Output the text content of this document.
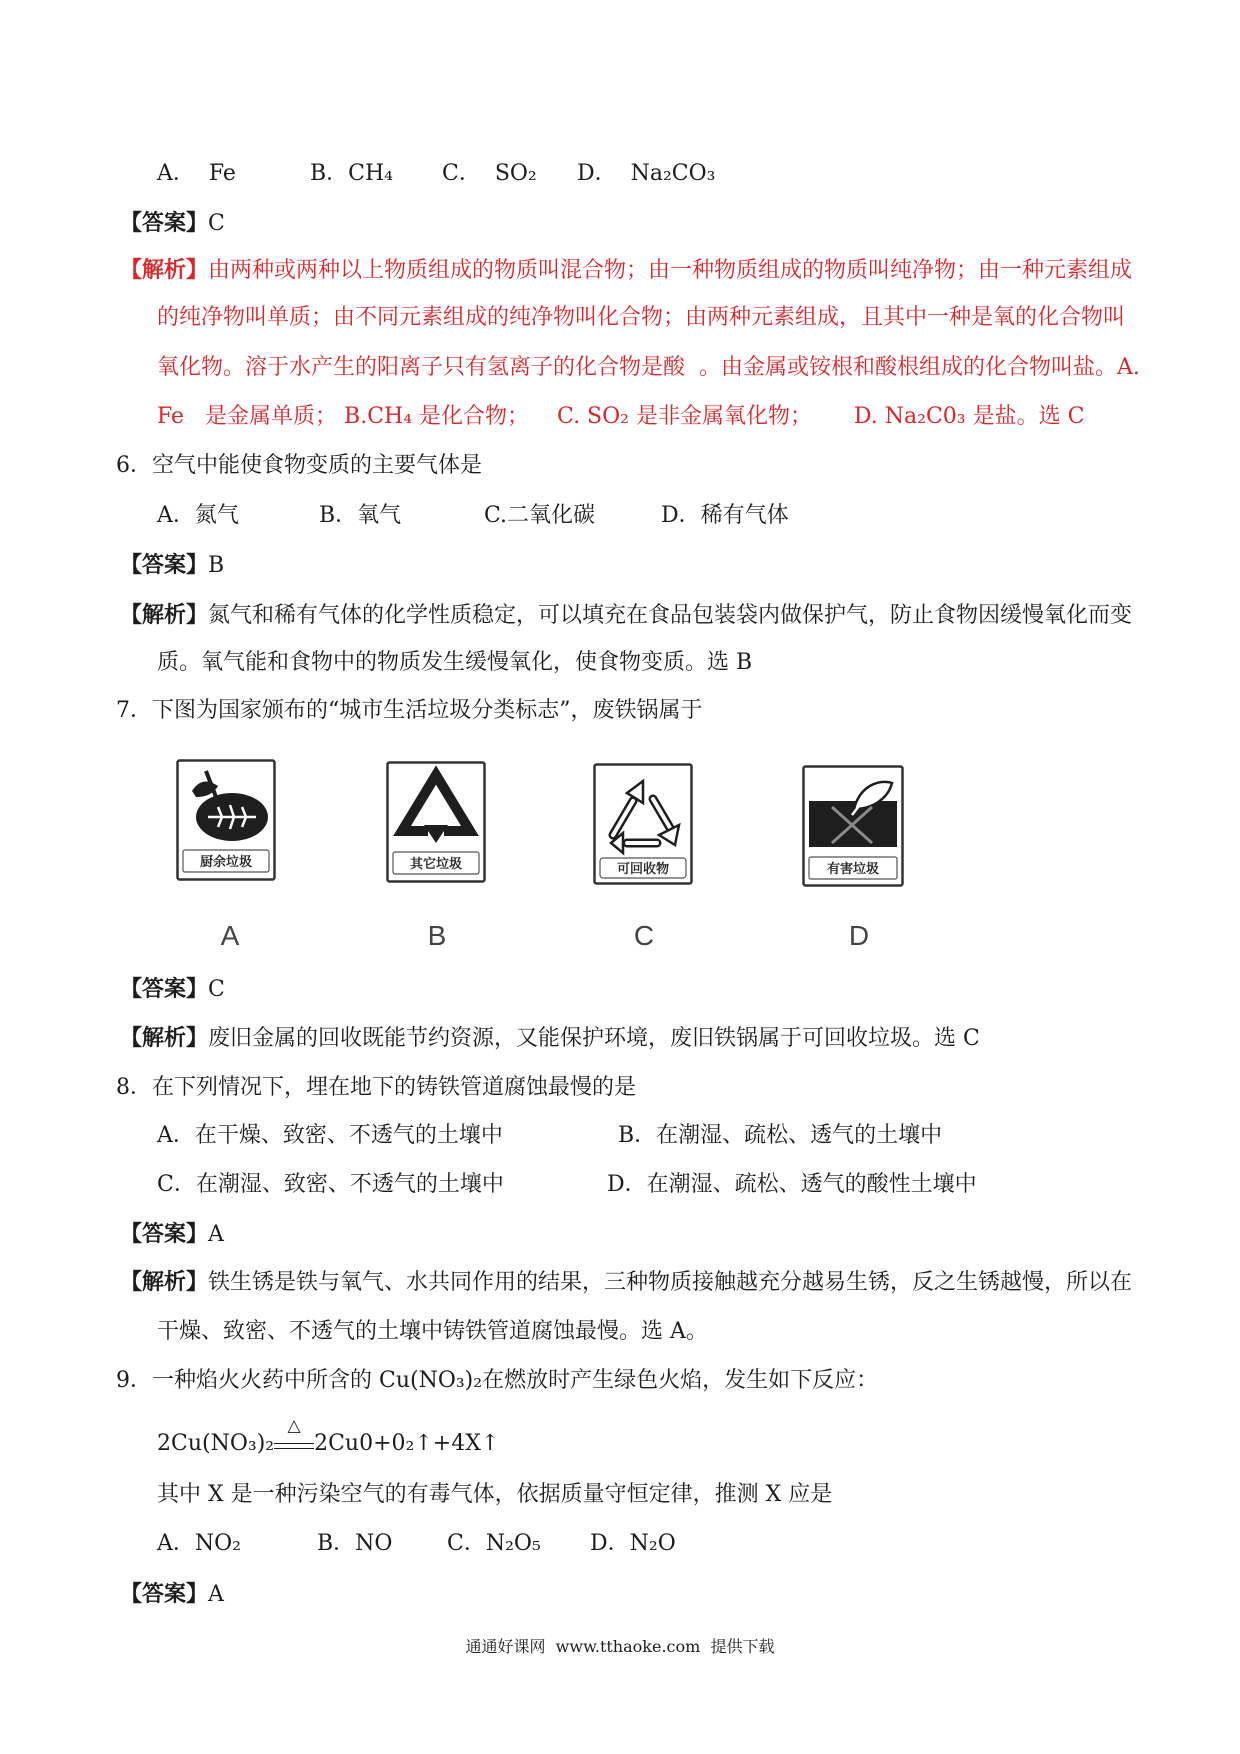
A．  Fe	B．CH₄ C．  SO₂ D．  Na₂CO₃
【答案】C
【解析】由两种或两种以上物质组成的物质叫混合物；由一种物质组成的物质叫纯净物；由一种元素组成
的纯净物叫单质；由不同元素组成的纯净物叫化合物；由两种元素组成，且其中一种是氧的化合物叫
氧化物。溶于水产生的阳离子只有氢离子的化合物是酸  。由金属或铵根和酸根组成的化合物叫盐。A.
Fe   是金属单质； B.CH₄ 是化合物；    C. SO₂ 是非金属氧化物；      D. Na₂C0₃ 是盐。选 C
6．空气中能使食物变质的主要气体是
A．氮气	B．氧气	C.二氧化碳	D．稀有气体
【答案】B
【解析】氮气和稀有气体的化学性质稳定，可以填充在食品包装袋内做保护气，防止食物因缓慢氧化而变
质。氧气能和食物中的物质发生缓慢氧化，使食物变质。选 B
7．下图为国家颁布的“城市生活垃圾分类标志”，废铁锅属于
厨余垃圾	其它垃圾	可回收物	有害垃圾
A	B	C	D
【答案】C
【解析】废旧金属的回收既能节约资源，又能保护环境，废旧铁锅属于可回收垃圾。选 C
8．在下列情况下，埋在地下的铸铁管道腐蚀最慢的是
A．在干燥、致密、不透气的土壤中	B．在潮湿、疏松、透气的土壤中
C．在潮湿、致密、不透气的土壤中	D．在潮湿、疏松、透气的酸性土壤中
【答案】A
【解析】铁生锈是铁与氧气、水共同作用的结果，三种物质接触越充分越易生锈，反之生锈越慢，所以在
干燥、致密、不透气的土壤中铸铁管道腐蚀最慢。选 A。
9．一种焰火火药中所含的 Cu(NO₃)₂在燃放时产生绿色火焰，发生如下反应：
2Cu(NO₃)₂
△
2Cu0+0₂↑+4X↑
其中 X 是一种污染空气的有毒气体，依据质量守恒定律，推测 X 应是
A．NO₂	B．NO C．N₂O₅ D．N₂O
【答案】A
通通好课网  www.tthaoke.com  提供下载
